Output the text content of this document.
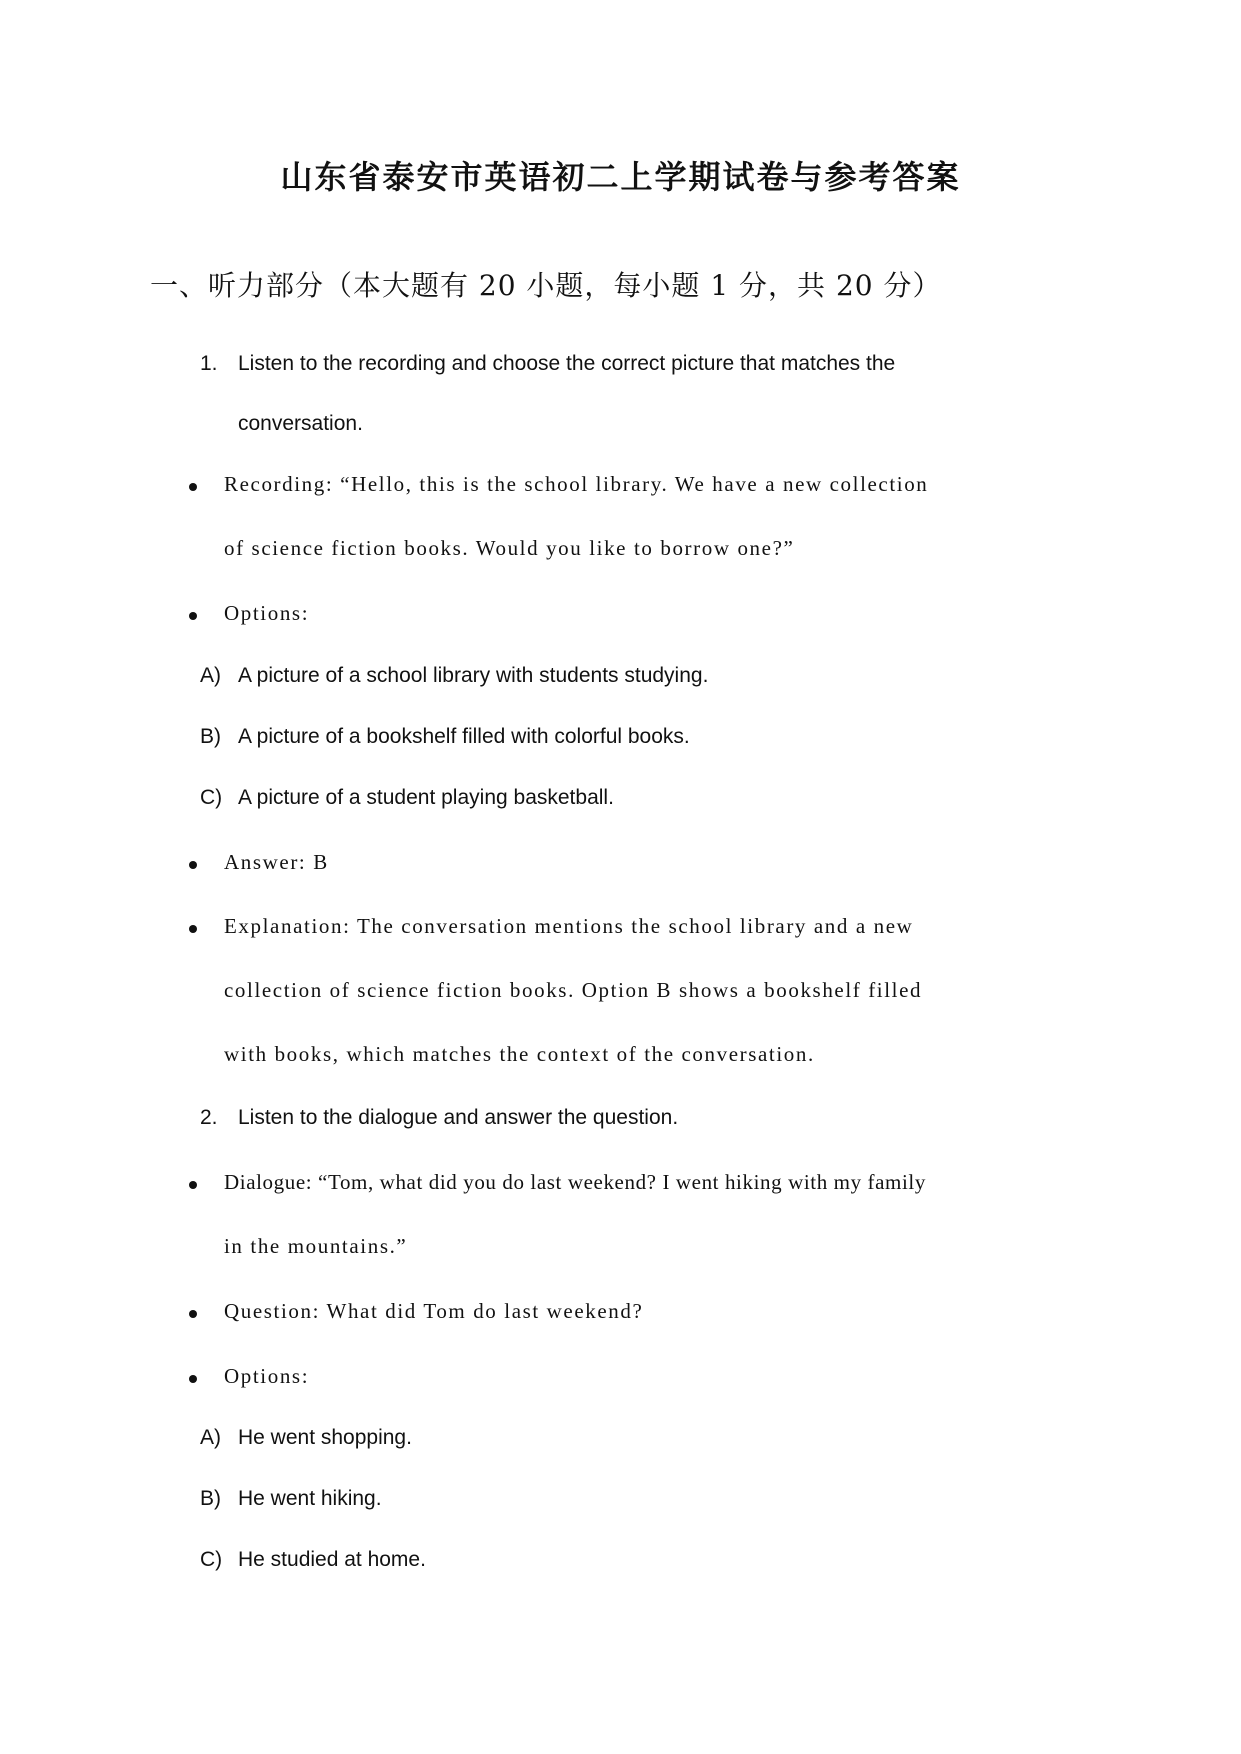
山东省泰安市英语初二上学期试卷与参考答案
一、听力部分（本大题有 20 小题，每小题 1 分，共 20 分）
1. Listen to the recording and choose the correct picture that matches the
conversation.
Recording: “Hello, this is the school library. We have a new collection
of science fiction books. Would you like to borrow one?”
Options:
A) A picture of a school library with students studying.
B) A picture of a bookshelf filled with colorful books.
C) A picture of a student playing basketball.
Answer: B
Explanation: The conversation mentions the school library and a new
collection of science fiction books. Option B shows a bookshelf filled
with books, which matches the context of the conversation.
2. Listen to the dialogue and answer the question.
Dialogue: “Tom, what did you do last weekend? I went hiking with my family
in the mountains.”
Question: What did Tom do last weekend?
Options:
A) He went shopping.
B) He went hiking.
C) He studied at home.
